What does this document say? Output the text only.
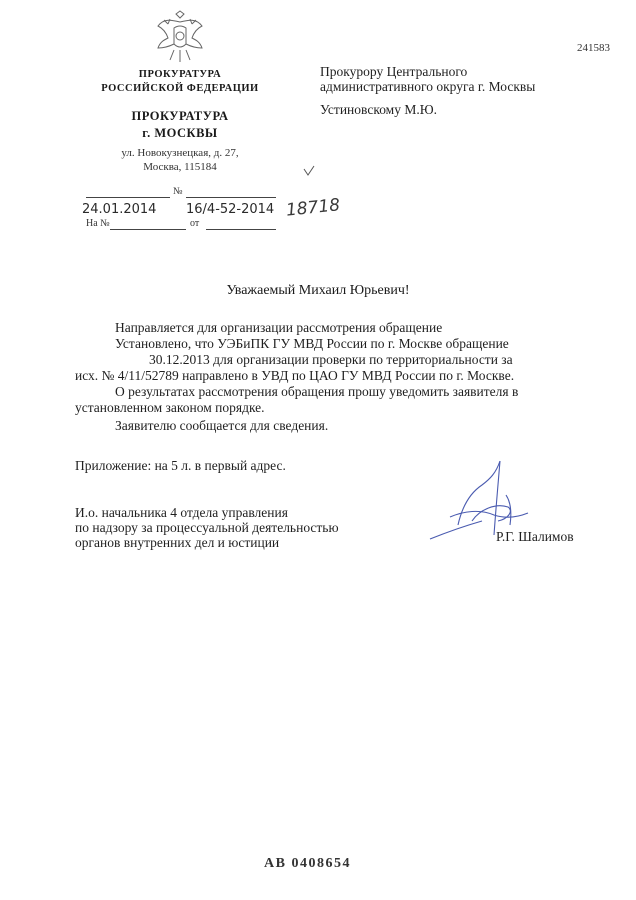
241583
ПРОКУРАТУРА
РОССИЙСКОЙ ФЕДЕРАЦИИ
ПРОКУРАТУРА
г. МОСКВЫ
ул. Новокузнецкая, д. 27,
Москва, 115184
№
24.01.2014 16/4-52-2014
На №	от
18718
Прокурору Центрального
административного округа г. Москвы
Устиновскому М.Ю.
Уважаемый Михаил Юрьевич!
Направляется для организации рассмотрения обращение
Установлено, что УЭБиПК ГУ МВД России по г. Москве обращение
30.12.2013 для организации проверки по территориальности за
исх. № 4/11/52789 направлено в УВД по ЦАО ГУ МВД России по г. Москве.
О результатах рассмотрения обращения прошу уведомить заявителя в
установленном законом порядке.
Заявителю сообщается для сведения.
Приложение: на 5 л. в первый адрес.
И.о. начальника 4 отдела управления
по надзору за процессуальной деятельностью
органов внутренних дел и юстиции	Р.Г. Шалимов
АВ 0408654
